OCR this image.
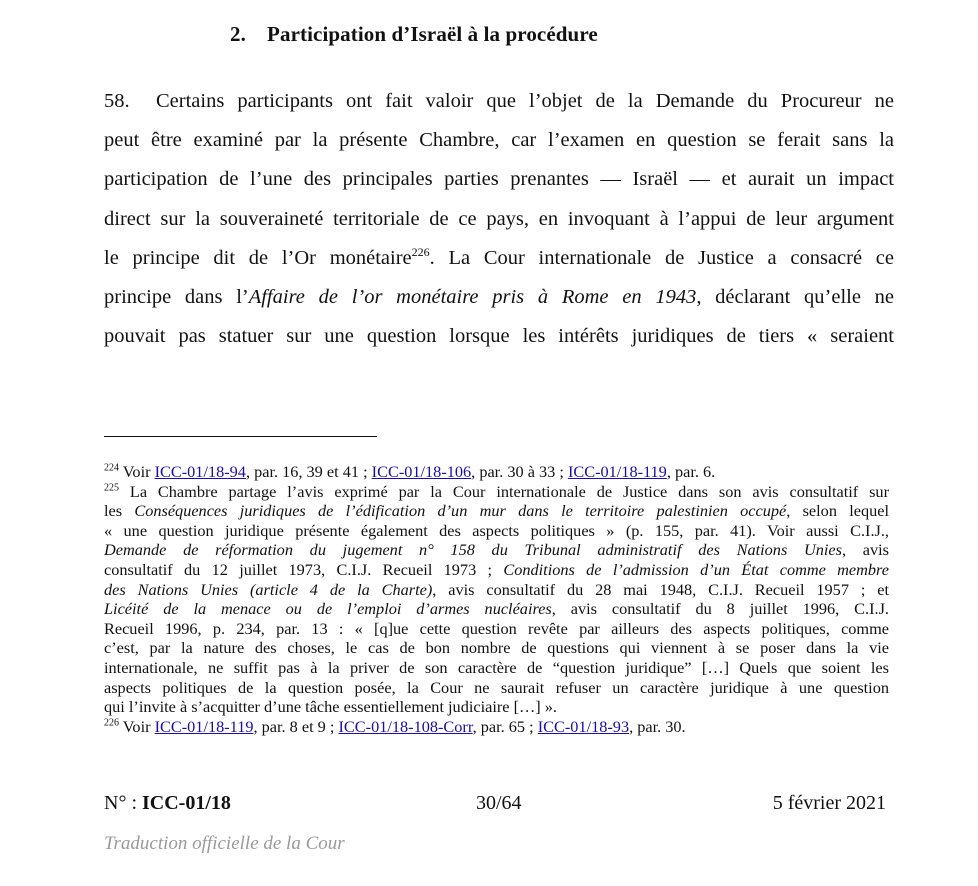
2. Participation d’Israël à la procédure
58. Certains participants ont fait valoir que l’objet de la Demande du Procureur ne
peut être examiné par la présente Chambre, car l’examen en question se ferait sans la
participation de l’une des principales parties prenantes — Israël — et aurait un impact
direct sur la souveraineté territoriale de ce pays, en invoquant à l’appui de leur argument
le principe dit de l’Or monétaire$^{226}$. La Cour internationale de Justice a consacré ce
principe dans l’Affaire de l’or monétaire pris à Rome en 1943, déclarant qu’elle ne
pouvait pas statuer sur une question lorsque les intérêts juridiques de tiers « seraient

$^{224}$ Voir ICC-01/18-94, par. 16, 39 et 41 ; ICC-01/18-106, par. 30 à 33 ; ICC-01/18-119, par. 6.

$^{225}$ La Chambre partage l’avis exprimé par la Cour internationale de Justice dans son avis consultatif sur
les Conséquences juridiques de l’édification d’un mur dans le territoire palestinien occupé, selon lequel
« une question juridique présente également des aspects politiques » (p. 155, par. 41). Voir aussi C.I.J.,
Demande de réformation du jugement n° 158 du Tribunal administratif des Nations Unies, avis
consultatif du 12 juillet 1973, C.I.J. Recueil 1973 ; Conditions de l’admission d’un État comme membre
des Nations Unies (article 4 de la Charte), avis consultatif du 28 mai 1948, C.I.J. Recueil 1957 ; et
Licéité de la menace ou de l’emploi d’armes nucléaires, avis consultatif du 8 juillet 1996, C.I.J.
Recueil 1996, p. 234, par. 13 : « [q]ue cette question revête par ailleurs des aspects politiques, comme
c’est, par la nature des choses, le cas de bon nombre de questions qui viennent à se poser dans la vie
internationale, ne suffit pas à la priver de son caractère de “question juridique” […] Quels que soient les
aspects politiques de la question posée, la Cour ne saurait refuser un caractère juridique à une question
qui l’invite à s’acquitter d’une tâche essentiellement judiciaire […] ».

$^{226}$ Voir ICC-01/18-119, par. 8 et 9 ; ICC-01/18-108-Corr, par. 65 ; ICC-01/18-93, par. 30.

N° : ICC-01/18	30/64	5 février 2021
Traduction officielle de la Cour
